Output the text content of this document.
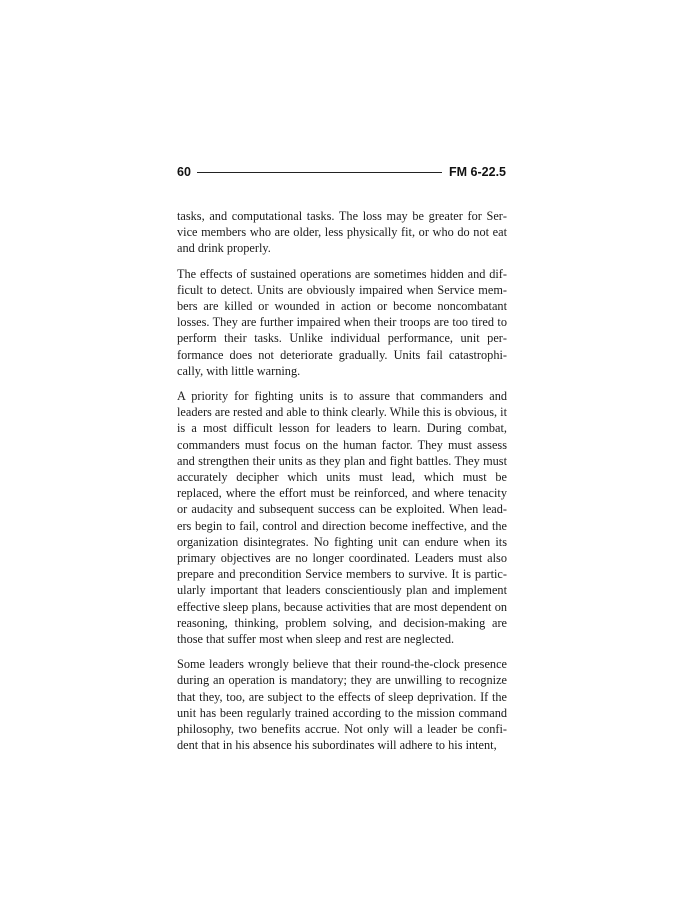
60	FM 6-22.5

tasks, and computational tasks. The loss may be greater for Service members who are older, less physically fit, or who do not eat and drink properly.

The effects of sustained operations are sometimes hidden and difficult to detect. Units are obviously impaired when Service members are killed or wounded in action or become noncombatant losses. They are further impaired when their troops are too tired to perform their tasks. Unlike individual performance, unit performance does not deteriorate gradually. Units fail catastrophically, with little warning.

A priority for fighting units is to assure that commanders and leaders are rested and able to think clearly. While this is obvious, it is a most difficult lesson for leaders to learn. During combat, commanders must focus on the human factor. They must assess and strengthen their units as they plan and fight battles. They must accurately decipher which units must lead, which must be replaced, where the effort must be reinforced, and where tenacity or audacity and subsequent success can be exploited. When leaders begin to fail, control and direction become ineffective, and the organization disintegrates. No fighting unit can endure when its primary objectives are no longer coordinated. Leaders must also prepare and precondition Service members to survive. It is particularly important that leaders conscientiously plan and implement effective sleep plans, because activities that are most dependent on reasoning, thinking, problem solving, and decision-making are those that suffer most when sleep and rest are neglected.

Some leaders wrongly believe that their round-the-clock presence during an operation is mandatory; they are unwilling to recognize that they, too, are subject to the effects of sleep deprivation. If the unit has been regularly trained according to the mission command philosophy, two benefits accrue. Not only will a leader be confident that in his absence his subordinates will adhere to his intent,
